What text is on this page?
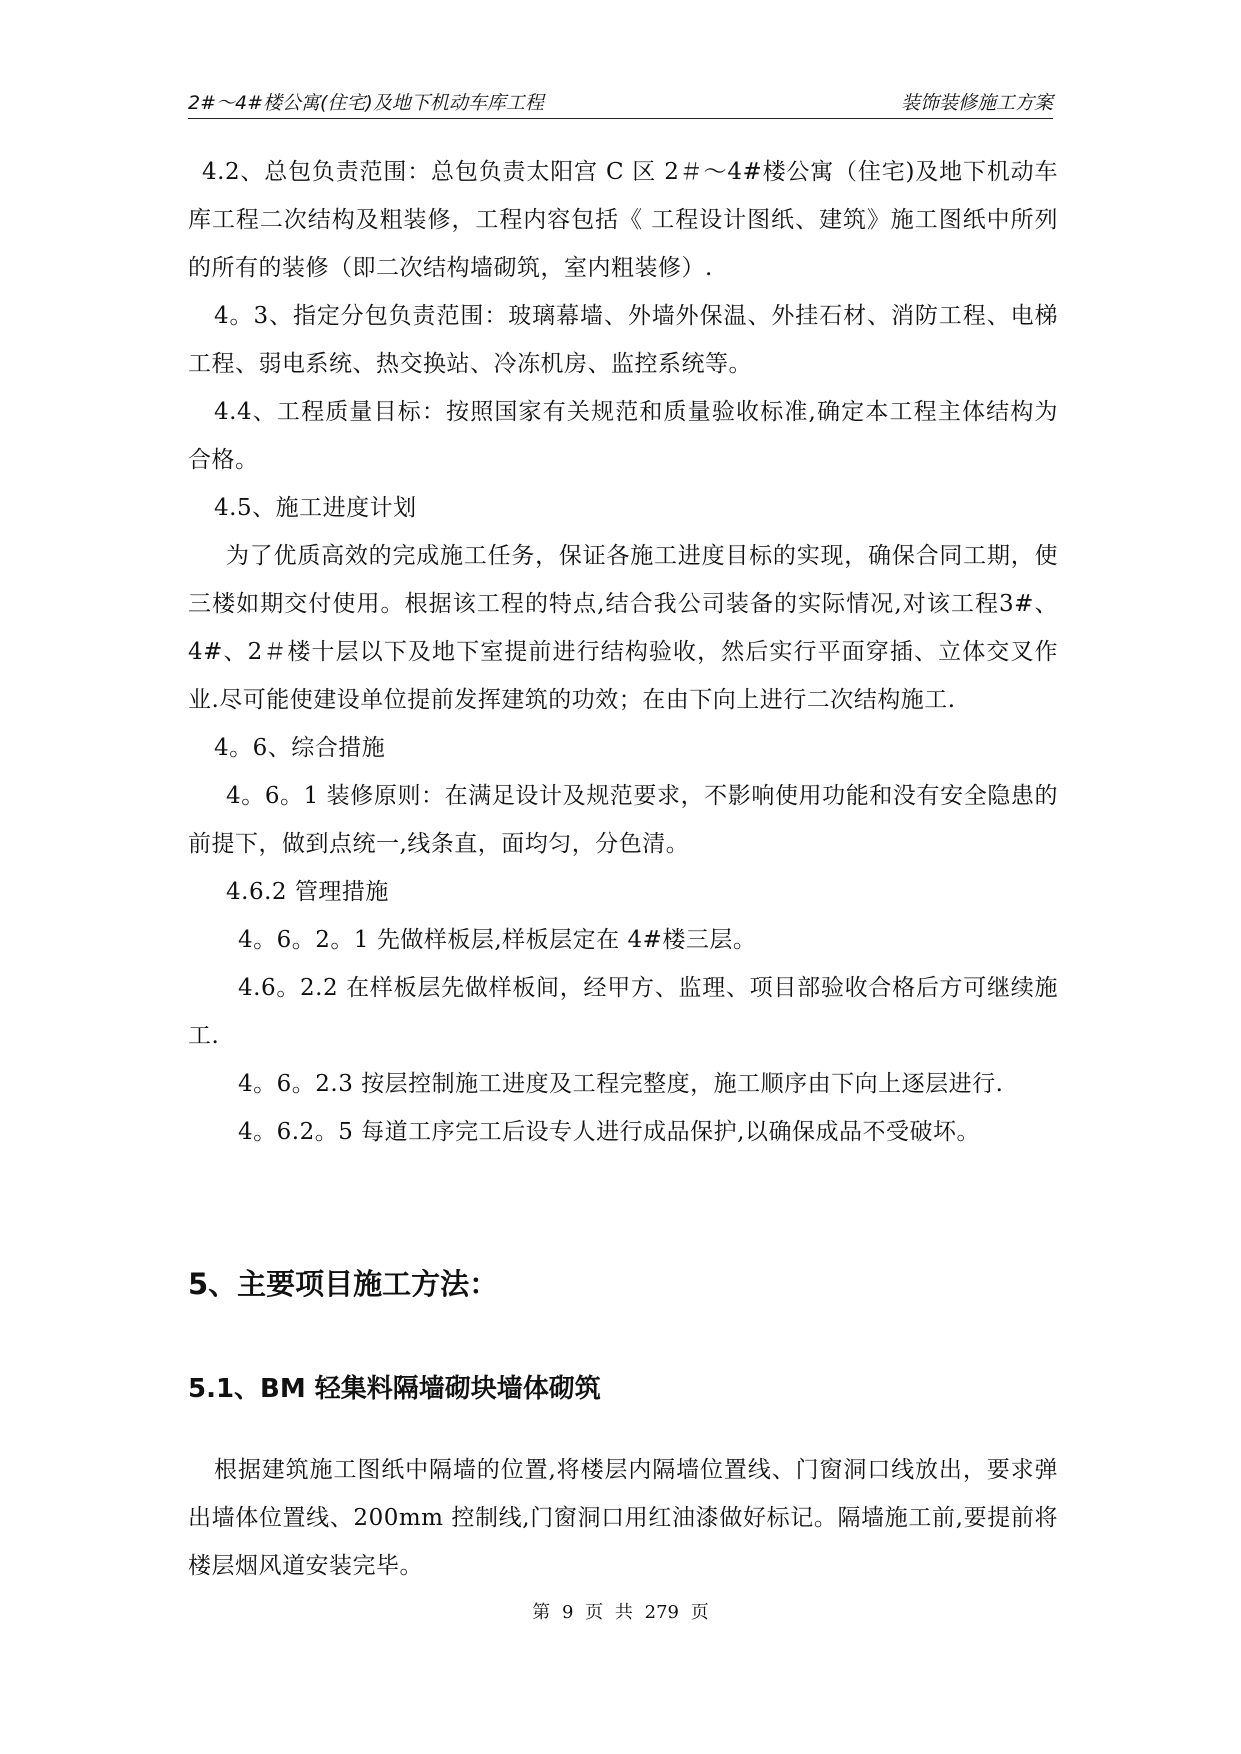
2#～4#楼公寓(住宅)及地下机动车库工程	装饰装修施工方案

4.2、总包负责范围：总包负责太阳宫 C 区 2＃～4#楼公寓（住宅)及地下机动车库工程二次结构及粗装修，工程内容包括《 工程设计图纸、建筑》施工图纸中所列的所有的装修（即二次结构墙砌筑，室内粗装修）.

4。3、指定分包负责范围：玻璃幕墙、外墙外保温、外挂石材、消防工程、电梯工程、弱电系统、热交换站、冷冻机房、监控系统等。

4.4、工程质量目标：按照国家有关规范和质量验收标准,确定本工程主体结构为合格。

4.5、施工进度计划

为了优质高效的完成施工任务，保证各施工进度目标的实现，确保合同工期，使三楼如期交付使用。根据该工程的特点,结合我公司装备的实际情况,对该工程3#、4#、2＃楼十层以下及地下室提前进行结构验收，然后实行平面穿插、立体交叉作业.尽可能使建设单位提前发挥建筑的功效；在由下向上进行二次结构施工.

4。6、综合措施

4。6。1 装修原则：在满足设计及规范要求，不影响使用功能和没有安全隐患的前提下，做到点统一,线条直，面均匀，分色清。

4.6.2 管理措施

4。6。2。1 先做样板层,样板层定在 4#楼三层。

4.6。2.2 在样板层先做样板间，经甲方、监理、项目部验收合格后方可继续施工.

4。6。2.3 按层控制施工进度及工程完整度，施工顺序由下向上逐层进行.

4。6.2。5 每道工序完工后设专人进行成品保护,以确保成品不受破坏。

5、主要项目施工方法：
5.1、BM 轻集料隔墙砌块墙体砌筑

根据建筑施工图纸中隔墙的位置,将楼层内隔墙位置线、门窗洞口线放出，要求弹出墙体位置线、200mm 控制线,门窗洞口用红油漆做好标记。隔墙施工前,要提前将楼层烟风道安装完毕。

第 9 页 共 279 页
